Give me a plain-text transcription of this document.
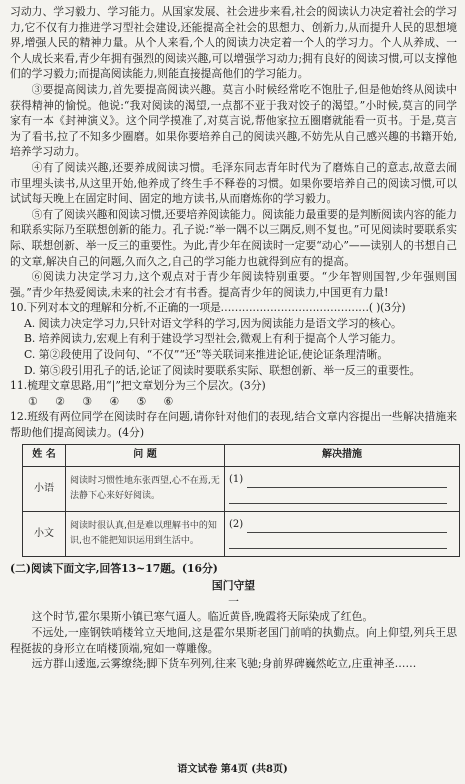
习动力、学习毅力、学习能力。从国家发展、社会进步来看,社会的阅读认力决定着社会的学习力,它不仅有力推进学习型社会建设,还能提高全社会的思想力、创新力,从而提升人民的思想境界,增强人民的精神力量。从个人来看,个人的阅读力决定着一个人的学习力。个人从养成、一个人成长来看,青少年拥有强烈的阅读兴趣,可以增强学习动力;拥有良好的阅读习惯,可以支撑他们的学习毅力;而提高阅读能力,则能直接提高他们的学习能力。

③要提高阅读力,首先要提高阅读兴趣。莫言小时候经常吃不饱肚子,但是他始终从阅读中获得精神的愉悦。他说:“我对阅读的渴望,一点都不亚于我对饺子的渴望。”小时候,莫言的同学家有一本《封神演义》。这个同学摸准了,对莫言说,帮他家拉五圈磨就能看一页书。于是,莫言为了看书,拉了不知多少圈磨。如果你要培养自己的阅读兴趣,不妨先从自己感兴趣的书籍开始,培养学习动力。

④有了阅读兴趣,还要养成阅读习惯。毛泽东同志青年时代为了磨炼自己的意志,故意去闹市里埋头读书,从这里开始,他养成了终生手不释卷的习惯。如果你要培养自己的阅读习惯,可以试试每天晚上在固定时间、固定的地方读书,从而磨炼你的学习毅力。

⑤有了阅读兴趣和阅读习惯,还要培养阅读能力。阅读能力最重要的是判断阅读内容的能力和联系实际乃至联想创新的能力。孔子说:“举一隅不以三隅反,则不复也。”可见阅读时要联系实际、联想创新、举一反三的重要性。为此,青少年在阅读时一定要“动心”——读别人的书想自己的文章,解决自己的问题,久而久之,自己的学习能力也就得到应有的提高。

⑥阅读力决定学习力,这个观点对于青少年阅读特别重要。“少年智则国智,少年强则国强。”青少年热爱阅读,未来的社会才有书香。提高青少年的阅读力,中国更有力量!

10.下列对本文的理解和分析,不正确的一项是……………………………………( )(3分)

A. 阅读力决定学习力,只针对语文学科的学习,因为阅读能力是语文学习的核心。

B. 培养阅读力,宏观上有利于建设学习型社会,微观上有利于提高个人学习能力。

C. 第②段使用了设问句、“不仅”“还”等关联词来推进论证,使论证条理清晰。

D. 第⑤段引用孔子的话,论证了阅读时要联系实际、联想创新、举一反三的重要性。

11.梳理文章思路,用“|”把文章划分为三个层次。(3分)

① ② ③ ④ ⑤ ⑥

12.班级有两位同学在阅读时存在问题,请你针对他们的表现,结合文章内容提出一些解决措施来帮助他们提高阅读力。(4分)

姓 名	问 题	解决措施
小语	阅读时习惯性地东张西望,心不在焉,无法静下心来好好阅读。	(1)

小文	阅读时很认真,但是难以理解书中的知识,也不能把知识运用到生活中。	(2)

(二)阅读下面文字,回答13~17题。(16分)

国门守望

一

这个时节,霍尔果斯小镇已寒气逼人。临近黄昏,晚霞将天际染成了红色。

不远处,一座钢铁哨楼耸立天地间,这是霍尔果斯老国门前哨的执勤点。向上仰望,列兵王思程挺拔的身形立在哨楼顶端,宛如一尊雕像。

远方群山逶迤,云雾缭绕;脚下货车列列,往来飞驰;身前界碑巍然屹立,庄重神圣……

语文试卷 第4页 (共8页)
